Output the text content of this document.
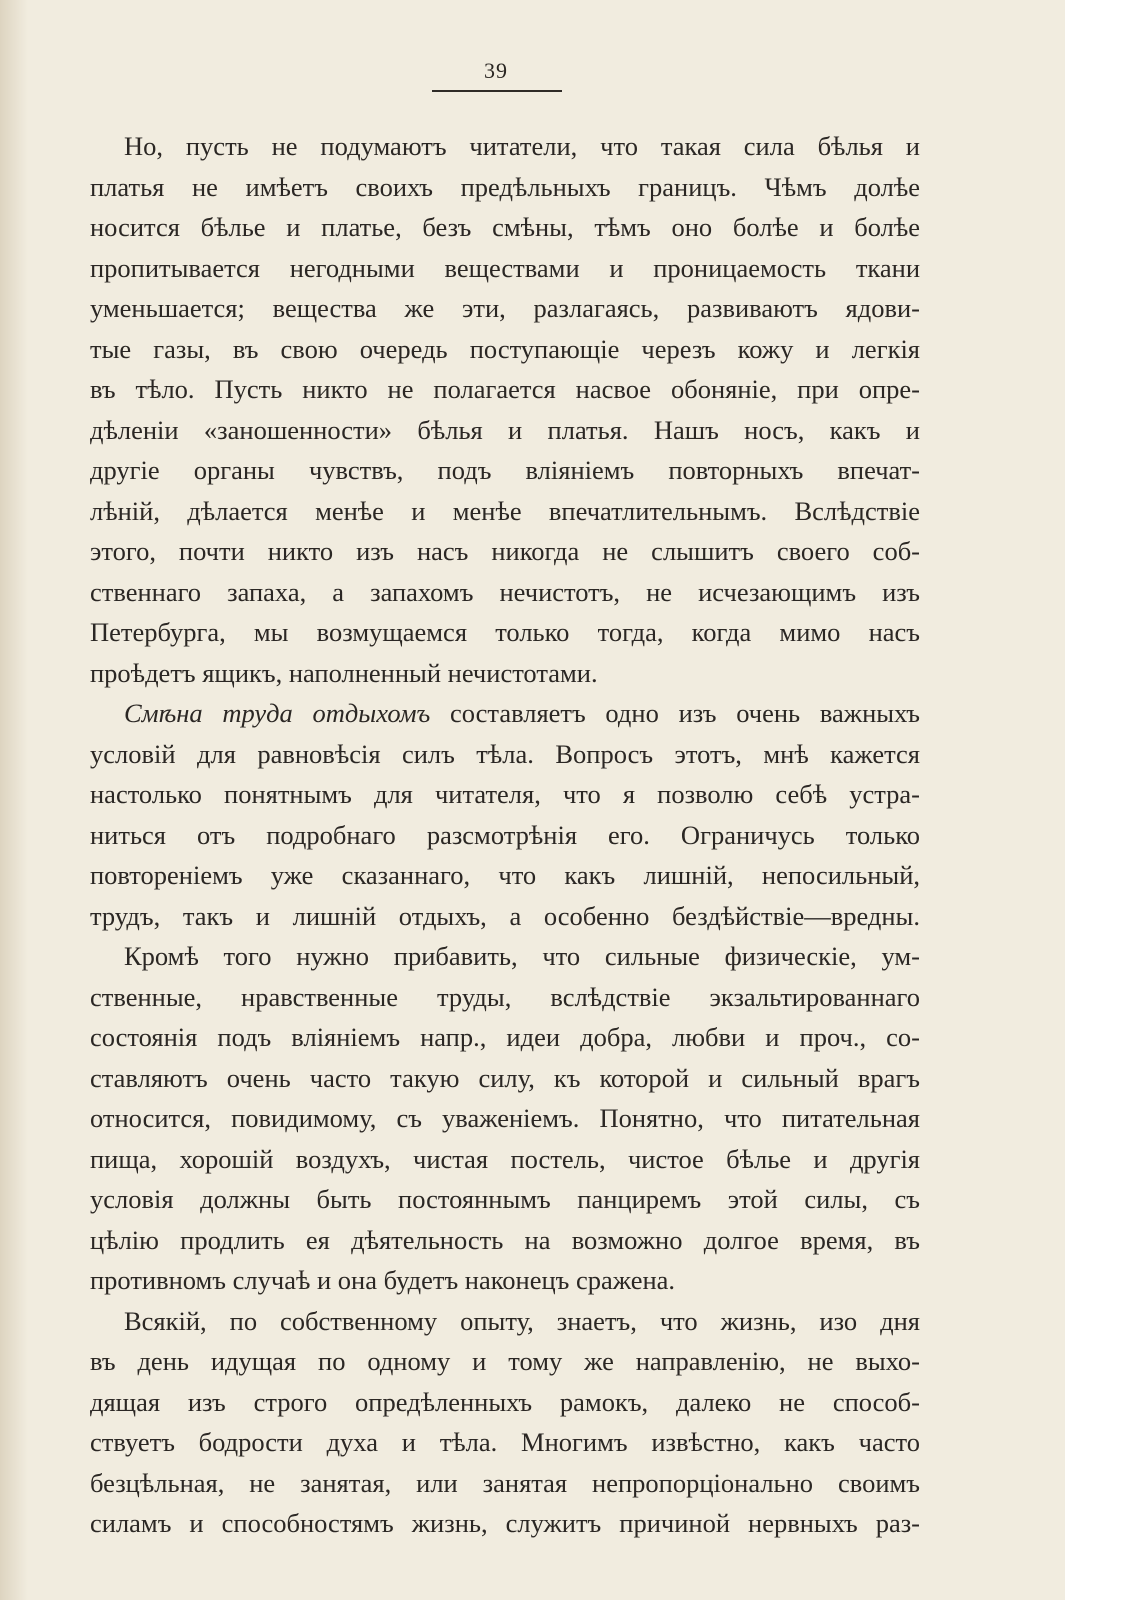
39
Но, пусть не подумаютъ читатели, что такая сила бѣлья и
платья не имѣетъ своихъ предѣльныхъ границъ. Чѣмъ долѣе
носится бѣлье и платье, безъ смѣны, тѣмъ оно болѣе и болѣе
пропитывается негодными веществами и проницаемость ткани
уменьшается; вещества же эти, разлагаясь, развиваютъ ядови-
тые газы, въ свою очередь поступающіе черезъ кожу и легкія
въ тѣло. Пусть никто не полагается насвое обоняніе, при опре-
дѣленіи «заношенности» бѣлья и платья. Нашъ носъ, какъ и
другіе органы чувствъ, подъ вліяніемъ повторныхъ впечат-
лѣній, дѣлается менѣе и менѣе впечатлительнымъ. Вслѣдствіе
этого, почти никто изъ насъ никогда не слышитъ своего соб-
ственнаго запаха, а запахомъ нечистотъ, не исчезающимъ изъ
Петербурга, мы возмущаемся только тогда, когда мимо насъ
проѣдетъ ящикъ, наполненный нечистотами.
Смѣна труда отдыхомъ составляетъ одно изъ очень важныхъ
условій для равновѣсія силъ тѣла. Вопросъ этотъ, мнѣ кажется
настолько понятнымъ для читателя, что я позволю себѣ устра-
ниться отъ подробнаго разсмотрѣнія его. Ограничусь только
повтореніемъ уже сказаннаго, что какъ лишній, непосильный,
трудъ, такъ и лишній отдыхъ, а особенно бездѣйствіе—вредны.
Кромѣ того нужно прибавить, что сильные физическіе, ум-
ственные, нравственные труды, вслѣдствіе экзальтированнаго
состоянія подъ вліяніемъ напр., идеи добра, любви и проч., со-
ставляютъ очень часто такую силу, къ которой и сильный врагъ
относится, повидимому, съ уваженіемъ. Понятно, что питательная
пища, хорошій воздухъ, чистая постель, чистое бѣлье и другія
условія должны быть постояннымъ панциремъ этой силы, съ
цѣлію продлить ея дѣятельность на возможно долгое время, въ
противномъ случаѣ и она будетъ наконецъ сражена.
Всякій, по собственному опыту, знаетъ, что жизнь, изо дня
въ день идущая по одному и тому же направленію, не выхо-
дящая изъ строго опредѣленныхъ рамокъ, далеко не способ-
ствуетъ бодрости духа и тѣла. Многимъ извѣстно, какъ часто
безцѣльная, не занятая, или занятая непропорціонально своимъ
силамъ и способностямъ жизнь, служитъ причиной нервныхъ раз-
